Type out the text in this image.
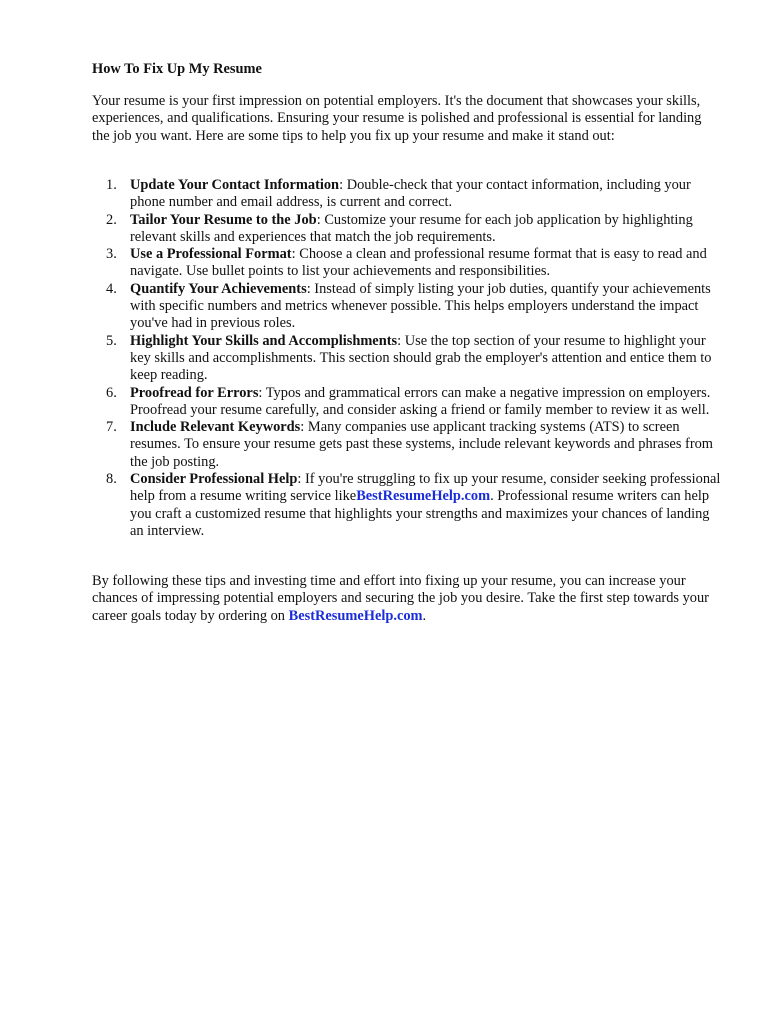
How To Fix Up My Resume

Your resume is your first impression on potential employers. It's the document that showcases your skills, experiences, and qualifications. Ensuring your resume is polished and professional is essential for landing the job you want. Here are some tips to help you fix up your resume and make it stand out:

1. Update Your Contact Information: Double-check that your contact information, including your phone number and email address, is current and correct.
2. Tailor Your Resume to the Job: Customize your resume for each job application by highlighting relevant skills and experiences that match the job requirements.
3. Use a Professional Format: Choose a clean and professional resume format that is easy to read and navigate. Use bullet points to list your achievements and responsibilities.
4. Quantify Your Achievements: Instead of simply listing your job duties, quantify your achievements with specific numbers and metrics whenever possible. This helps employers understand the impact you've had in previous roles.
5. Highlight Your Skills and Accomplishments: Use the top section of your resume to highlight your key skills and accomplishments. This section should grab the employer's attention and entice them to keep reading.
6. Proofread for Errors: Typos and grammatical errors can make a negative impression on employers. Proofread your resume carefully, and consider asking a friend or family member to review it as well.
7. Include Relevant Keywords: Many companies use applicant tracking systems (ATS) to screen resumes. To ensure your resume gets past these systems, include relevant keywords and phrases from the job posting.
8. Consider Professional Help: If you're struggling to fix up your resume, consider seeking professional help from a resume writing service likeBestResumeHelp.com. Professional resume writers can help you craft a customized resume that highlights your strengths and maximizes your chances of landing an interview.

By following these tips and investing time and effort into fixing up your resume, you can increase your chances of impressing potential employers and securing the job you desire. Take the first step towards your career goals today by ordering on BestResumeHelp.com.
